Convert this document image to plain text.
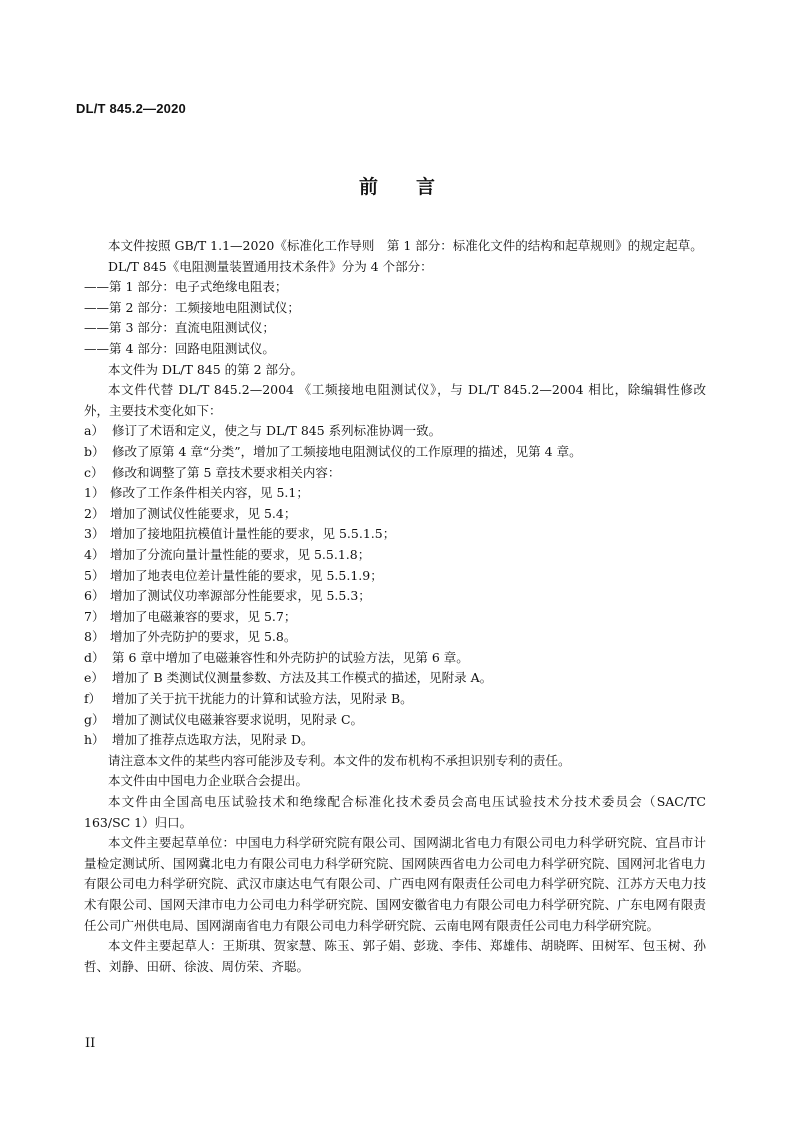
DL/T 845.2—2020
前　　言

本文件按照 GB/T 1.1—2020《标准化工作导则　第 1 部分：标准化文件的结构和起草规则》的规定起草。

DL/T 845《电阻测量装置通用技术条件》分为 4 个部分：

——第 1 部分：电子式绝缘电阻表；

——第 2 部分：工频接地电阻测试仪；

——第 3 部分：直流电阻测试仪；

——第 4 部分：回路电阻测试仪。

本文件为 DL/T 845 的第 2 部分。

本文件代替 DL/T 845.2—2004 《工频接地电阻测试仪》，与 DL/T 845.2—2004 相比，除编辑性修改外，主要技术变化如下：

a） 修订了术语和定义，使之与 DL/T 845 系列标准协调一致。

b） 修改了原第 4 章“分类”，增加了工频接地电阻测试仪的工作原理的描述，见第 4 章。

c） 修改和调整了第 5 章技术要求相关内容：

1） 修改了工作条件相关内容，见 5.1；

2） 增加了测试仪性能要求，见 5.4；

3） 增加了接地阻抗模值计量性能的要求，见 5.5.1.5；

4） 增加了分流向量计量性能的要求，见 5.5.1.8；

5） 增加了地表电位差计量性能的要求，见 5.5.1.9；

6） 增加了测试仪功率源部分性能要求，见 5.5.3；

7） 增加了电磁兼容的要求，见 5.7；

8） 增加了外壳防护的要求，见 5.8。

d） 第 6 章中增加了电磁兼容性和外壳防护的试验方法，见第 6 章。

e） 增加了 B 类测试仪测量参数、方法及其工作模式的描述，见附录 A。

f） 增加了关于抗干扰能力的计算和试验方法，见附录 B。

g） 增加了测试仪电磁兼容要求说明，见附录 C。

h） 增加了推荐点选取方法，见附录 D。

请注意本文件的某些内容可能涉及专利。本文件的发布机构不承担识别专利的责任。

本文件由中国电力企业联合会提出。

本文件由全国高电压试验技术和绝缘配合标准化技术委员会高电压试验技术分技术委员会（SAC/TC 163/SC 1）归口。

本文件主要起草单位：中国电力科学研究院有限公司、国网湖北省电力有限公司电力科学研究院、宜昌市计量检定测试所、国网冀北电力有限公司电力科学研究院、国网陕西省电力公司电力科学研究院、国网河北省电力有限公司电力科学研究院、武汉市康达电气有限公司、广西电网有限责任公司电力科学研究院、江苏方天电力技术有限公司、国网天津市电力公司电力科学研究院、国网安徽省电力有限公司电力科学研究院、广东电网有限责任公司广州供电局、国网湖南省电力有限公司电力科学研究院、云南电网有限责任公司电力科学研究院。

本文件主要起草人：王斯琪、贺家慧、陈玉、郭子娟、彭珑、李伟、郑雄伟、胡晓晖、田树军、包玉树、孙哲、刘静、田研、徐波、周仿荣、齐聪。

II
